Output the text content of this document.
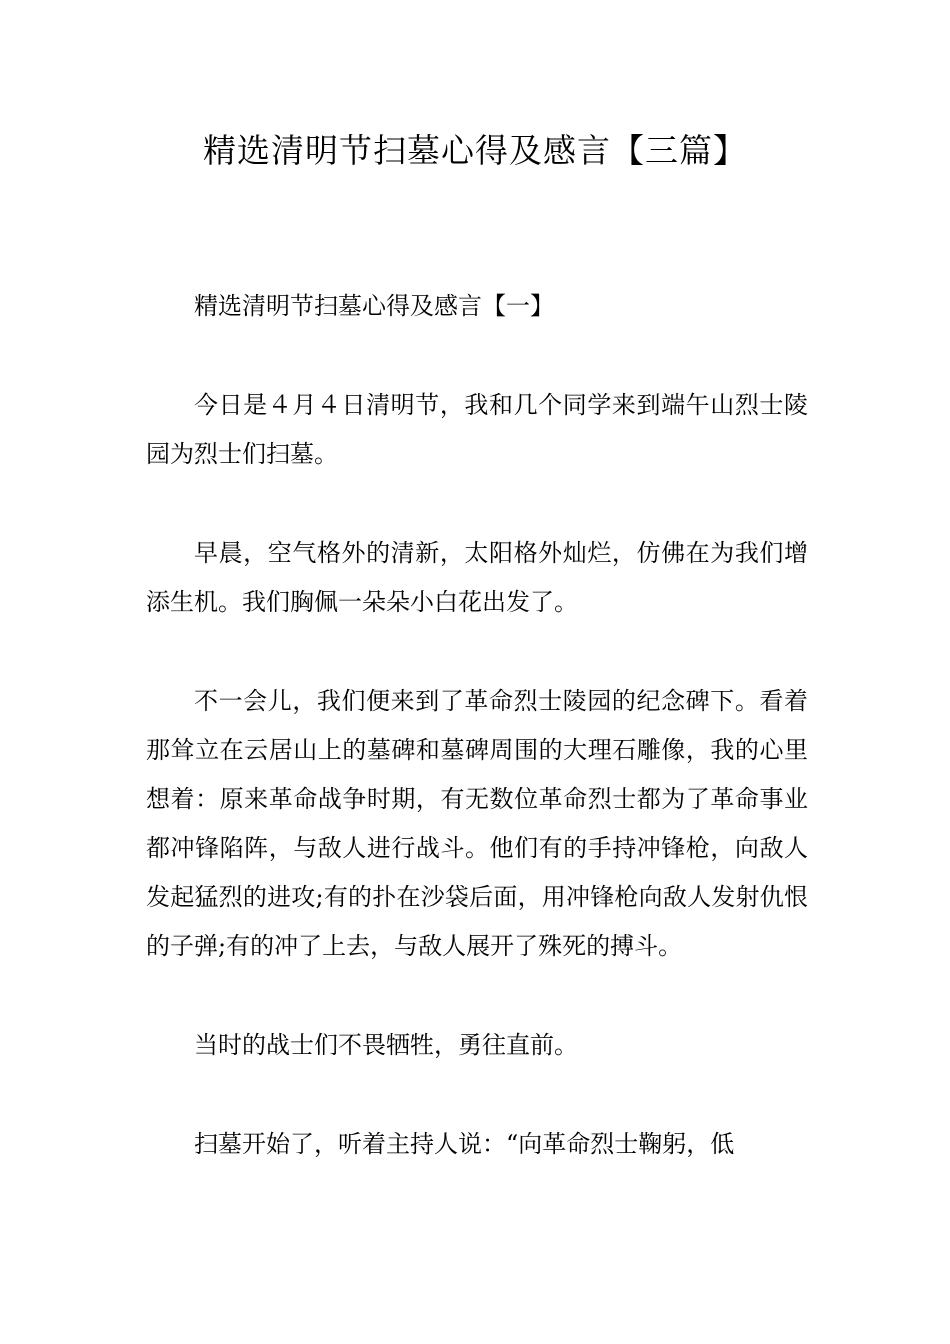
精选清明节扫墓心得及感言【三篇】

精选清明节扫墓心得及感言【一】

今日是４月４日清明节，我和几个同学来到端午山烈士陵园为烈士们扫墓。

早晨，空气格外的清新，太阳格外灿烂，仿佛在为我们增添生机。我们胸佩一朵朵小白花出发了。

不一会儿，我们便来到了革命烈士陵园的纪念碑下。看着那耸立在云居山上的墓碑和墓碑周围的大理石雕像，我的心里想着：原来革命战争时期，有无数位革命烈士都为了革命事业都冲锋陷阵，与敌人进行战斗。他们有的手持冲锋枪，向敌人发起猛烈的进攻;有的扑在沙袋后面，用冲锋枪向敌人发射仇恨的子弹;有的冲了上去，与敌人展开了殊死的搏斗。

当时的战士们不畏牺牲，勇往直前。

扫墓开始了，听着主持人说：“向革命烈士鞠躬，低
